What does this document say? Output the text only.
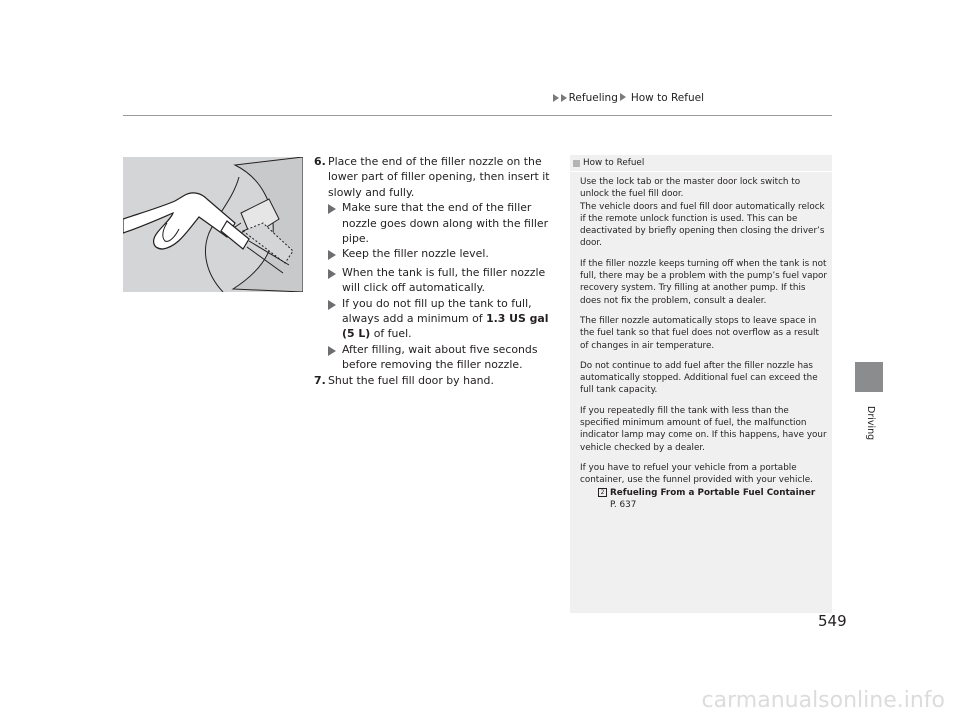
Refueling How to Refuel
Driving
6. Place the end of the filler nozzle on the lower part of filler opening, then insert it slowly and fully.
Make sure that the end of the filler nozzle goes down along with the filler pipe.
Keep the filler nozzle level.
When the tank is full, the filler nozzle will click off automatically.
If you do not fill up the tank to full, always add a minimum of 1.3 US gal (5 L) of fuel.
After filling, wait about five seconds before removing the filler nozzle.
7. Shut the fuel fill door by hand.
How to Refuel

Use the lock tab or the master door lock switch to unlock the fuel fill door.
The vehicle doors and fuel fill door automatically relock if the remote unlock function is used. This can be deactivated by briefly opening then closing the driver’s door.

If the filler nozzle keeps turning off when the tank is not full, there may be a problem with the pump’s fuel vapor recovery system. Try filling at another pump. If this does not fix the problem, consult a dealer.

The filler nozzle automatically stops to leave space in the fuel tank so that fuel does not overflow as a result of changes in air temperature.

Do not continue to add fuel after the filler nozzle has automatically stopped. Additional fuel can exceed the full tank capacity.

If you repeatedly fill the tank with less than the specified minimum amount of fuel, the malfunction indicator lamp may come on. If this happens, have your vehicle checked by a dealer.

If you have to refuel your vehicle from a portable container, use the funnel provided with your vehicle.

2 Refueling From a Portable Fuel Container
P. 637
549
carmanualsonline.info
